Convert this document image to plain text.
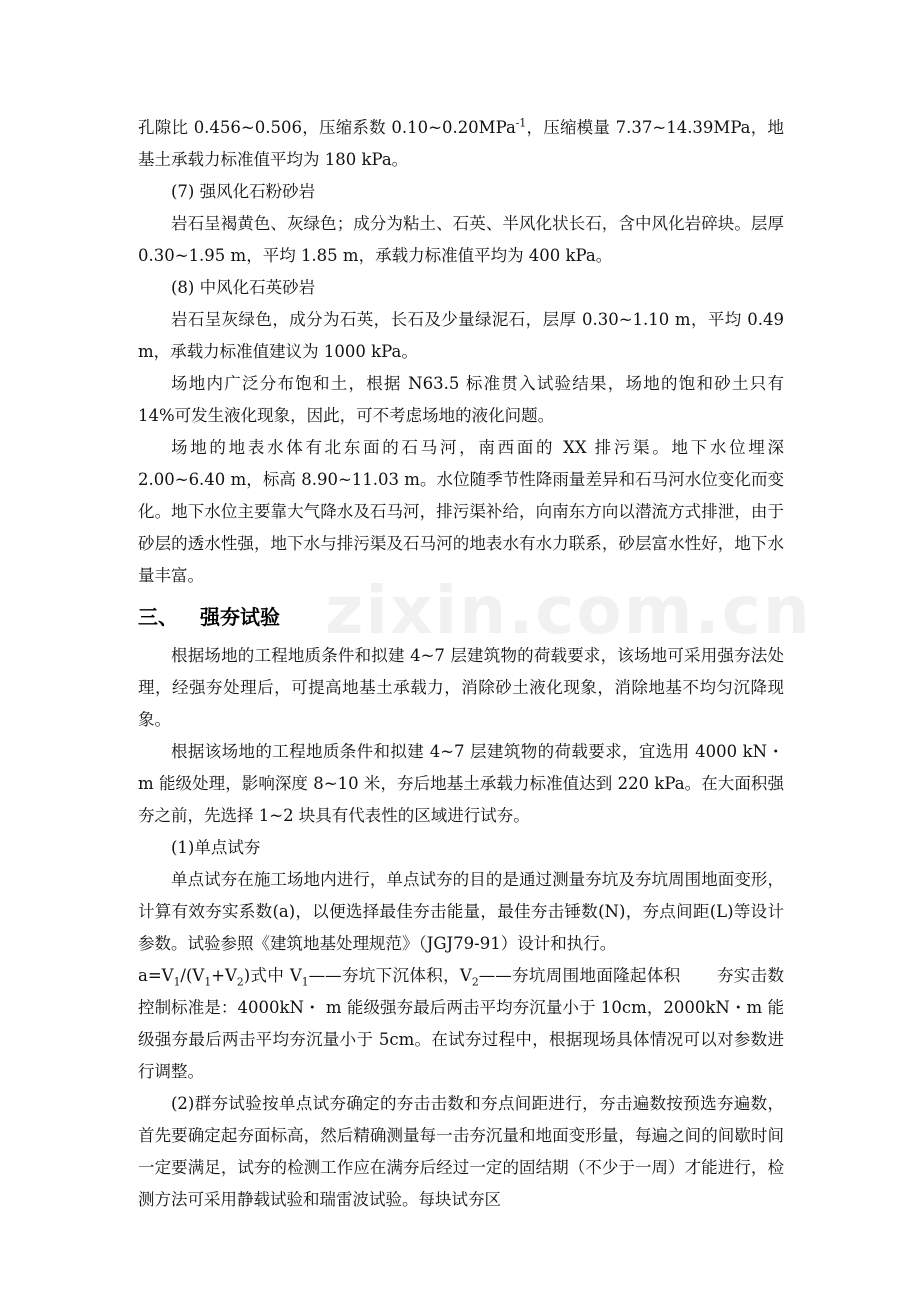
zixin.com.cn

孔隙比 0.456~0.506，压缩系数 0.10~0.20MPa$^{-1}$，压缩模量 7.37~14.39MPa，地基土承载力标准值平均为 180 kPa。

(7) 强风化石粉砂岩

岩石呈褐黄色、灰绿色；成分为粘土、石英、半风化状长石，含中风化岩碎块。层厚 0.30~1.95 m，平均 1.85 m，承载力标准值平均为 400 kPa。

(8) 中风化石英砂岩

岩石呈灰绿色，成分为石英，长石及少量绿泥石，层厚 0.30~1.10 m，平均 0.49 m，承载力标准值建议为 1000 kPa。

场地内广泛分布饱和土，根据 N63.5 标准贯入试验结果，场地的饱和砂土只有 14%可发生液化现象，因此，可不考虑场地的液化问题。

场地的地表水体有北东面的石马河，南西面的 XX 排污渠。地下水位埋深 2.00~6.40 m，标高 8.90~11.03 m。水位随季节性降雨量差异和石马河水位变化而变化。地下水位主要靠大气降水及石马河，排污渠补给，向南东方向以潜流方式排泄，由于砂层的透水性强，地下水与排污渠及石马河的地表水有水力联系，砂层富水性好，地下水量丰富。

三、 强夯试验

根据场地的工程地质条件和拟建 4~7 层建筑物的荷载要求，该场地可采用强夯法处理，经强夯处理后，可提高地基土承载力，消除砂土液化现象，消除地基不均匀沉降现象。

根据该场地的工程地质条件和拟建 4~7 层建筑物的荷载要求，宜选用 4000 kN・m 能级处理，影响深度 8~10 米，夯后地基土承载力标准值达到 220 kPa。在大面积强夯之前，先选择 1~2 块具有代表性的区域进行试夯。

(1)单点试夯

单点试夯在施工场地内进行，单点试夯的目的是通过测量夯坑及夯坑周围地面变形，计算有效夯实系数(a)，以便选择最佳夯击能量，最佳夯击锤数(N)，夯点间距(L)等设计参数。试验参照《建筑地基处理规范》（JGJ79-91）设计和执行。

$a=V_1/(V_1+V_2)$式中 $V_1——$夯坑下沉体积，$V_2——$夯坑周围地面隆起体积 夯实击数控制标准是：4000kN・ m 能级强夯最后两击平均夯沉量小于 10cm，2000kN・m 能级强夯最后两击平均夯沉量小于 5cm。在试夯过程中，根据现场具体情况可以对参数进行调整。

(2)群夯试验按单点试夯确定的夯击击数和夯点间距进行，夯击遍数按预选夯遍数，首先要确定起夯面标高，然后精确测量每一击夯沉量和地面变形量，每遍之间的间歇时间一定要满足，试夯的检测工作应在满夯后经过一定的固结期（不少于一周）才能进行，检测方法可采用静载试验和瑞雷波试验。每块试夯区
